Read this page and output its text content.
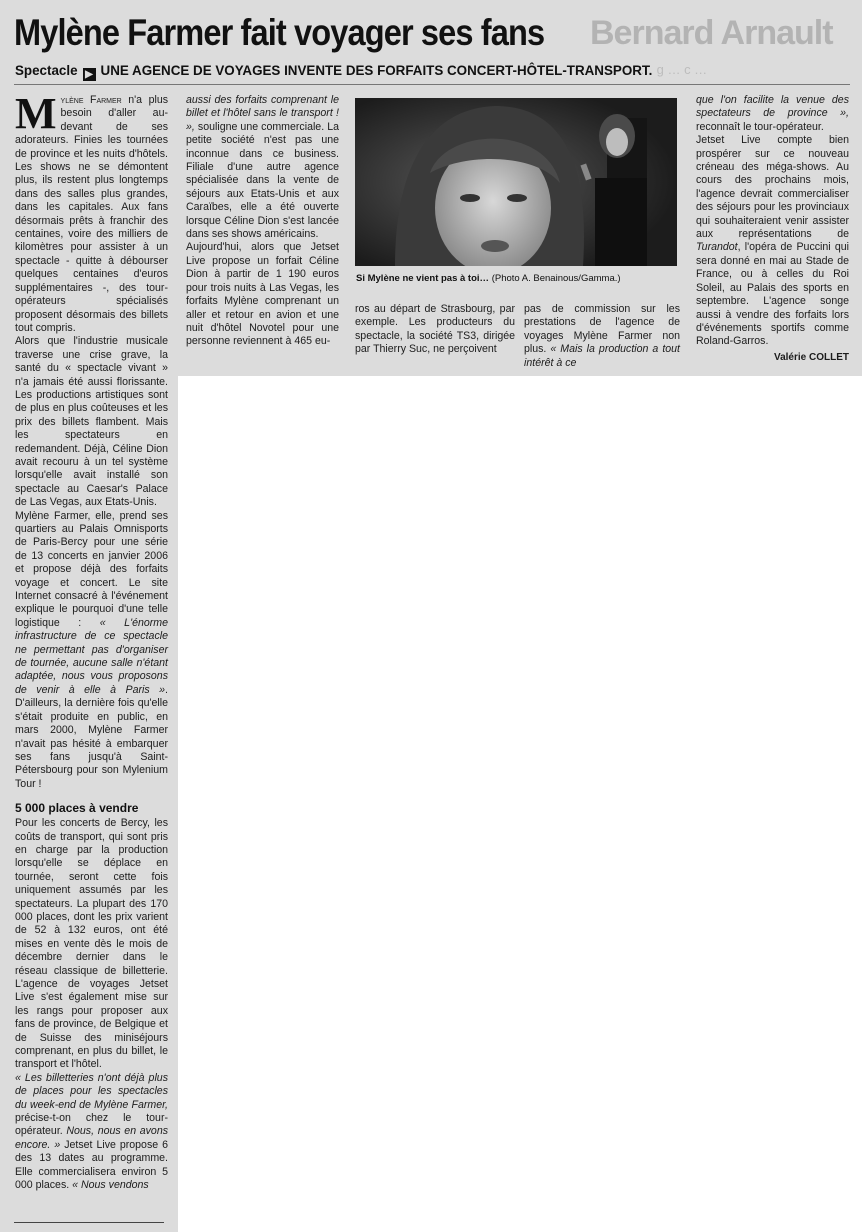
Bernard Arnault
… g … c …
Mylène Farmer fait voyager ses fans
Spectacle ▶ UNE AGENCE DE VOYAGES INVENTE DES FORFAITS CONCERT-HÔTEL-TRANSPORT.

Mylène Farmer n'a plus besoin d'aller au-devant de ses adorateurs. Finies les tournées de province et les nuits d'hôtels. Les shows ne se démontent plus, ils restent plus longtemps dans des salles plus grandes, dans les capitales. Aux fans désormais prêts à franchir des centaines, voire des milliers de kilomètres pour assister à un spectacle - quitte à débourser quelques centaines d'euros supplémentaires -, des tour-opérateurs spécialisés proposent désormais des billets tout compris.

Alors que l'industrie musicale traverse une crise grave, la santé du « spectacle vivant » n'a jamais été aussi florissante. Les productions artistiques sont de plus en plus coûteuses et les prix des billets flambent. Mais les spectateurs en redemandent. Déjà, Céline Dion avait recouru à un tel système lorsqu'elle avait installé son spectacle au Caesar's Palace de Las Vegas, aux Etats-Unis.

Mylène Farmer, elle, prend ses quartiers au Palais Omnisports de Paris-Bercy pour une série de 13 concerts en janvier 2006 et propose déjà des forfaits voyage et concert. Le site Internet consacré à l'événement explique le pourquoi d'une telle logistique : « L'énorme infrastructure de ce spectacle ne permettant pas d'organiser de tournée, aucune salle n'étant adaptée, nous vous proposons de venir à elle à Paris ». D'ailleurs, la dernière fois qu'elle s'était produite en public, en mars 2000, Mylène Farmer n'avait pas hésité à embarquer ses fans jusqu'à Saint-Pétersbourg pour son Mylenium Tour !

5 000 places à vendre

Pour les concerts de Bercy, les coûts de transport, qui sont pris en charge par la production lorsqu'elle se déplace en tournée, seront cette fois uniquement assumés par les spectateurs. La plupart des 170 000 places, dont les prix varient de 52 à 132 euros, ont été mises en vente dès le mois de décembre dernier dans le réseau classique de billetterie. L'agence de voyages Jetset Live s'est également mise sur les rangs pour proposer aux fans de province, de Belgique et de Suisse des miniséjours comprenant, en plus du billet, le transport et l'hôtel.

« Les billetteries n'ont déjà plus de places pour les spectacles du week-end de Mylène Farmer, précise-t-on chez le tour-opérateur. Nous, nous en avons encore. » Jetset Live propose 6 des 13 dates au programme. Elle commercialisera environ 5 000 places. « Nous vendons

aussi des forfaits comprenant le billet et l'hôtel sans le transport ! », souligne une commerciale. La petite société n'est pas une inconnue dans ce business. Filiale d'une autre agence spécialisée dans la vente de séjours aux Etats-Unis et aux Caraïbes, elle a été ouverte lorsque Céline Dion s'est lancée dans ses shows américains.

Aujourd'hui, alors que Jetset Live propose un forfait Céline Dion à partir de 1 190 euros pour trois nuits à Las Vegas, les forfaits Mylène comprenant un aller et retour en avion et une nuit d'hôtel Novotel pour une personne reviennent à 465 eu-

Si Mylène ne vient pas à toi… (Photo A. Benainous/Gamma.)

ros au départ de Strasbourg, par exemple. Les producteurs du spectacle, la société TS3, dirigée par Thierry Suc, ne perçoivent

pas de commission sur les prestations de l'agence de voyages Mylène Farmer non plus. « Mais la production a tout intérêt à ce

que l'on facilite la venue des spectateurs de province », reconnaît le tour-opérateur.

Jetset Live compte bien prospérer sur ce nouveau créneau des méga-shows. Au cours des prochains mois, l'agence devrait commercialiser des séjours pour les provinciaux qui souhaiteraient venir assister aux représentations de Turandot, l'opéra de Puccini qui sera donné en mai au Stade de France, ou à celles du Roi Soleil, au Palais des sports en septembre. L'agence songe aussi à vendre des forfaits lors d'événements sportifs comme Roland-Garros.

Valérie COLLET
